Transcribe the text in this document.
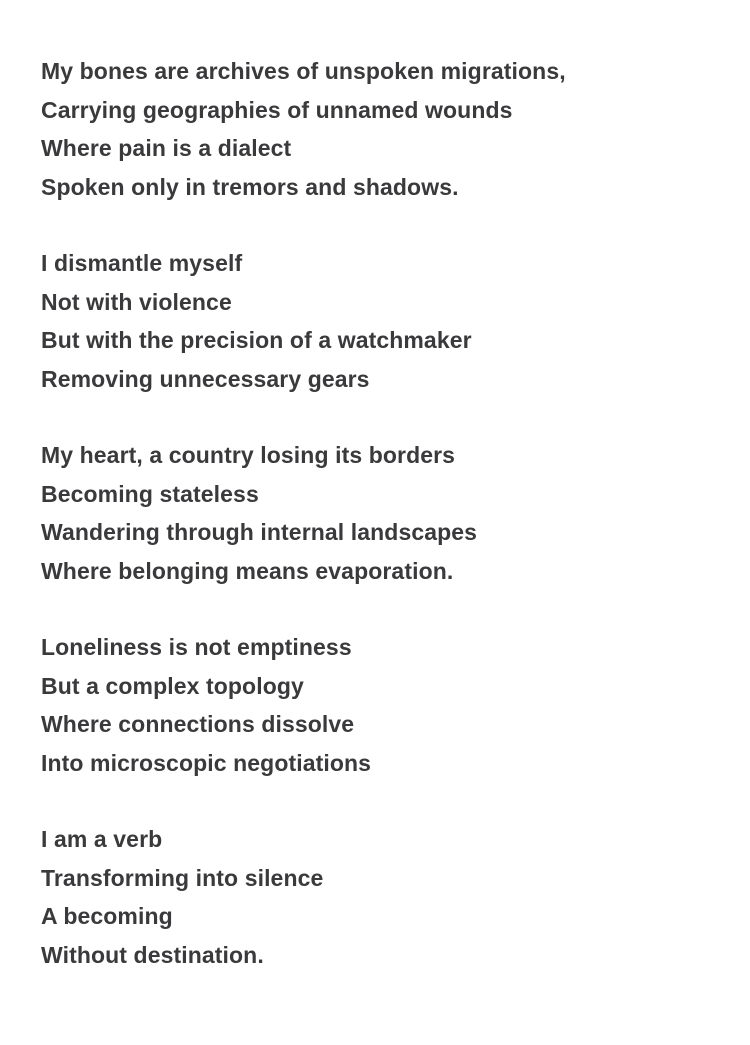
My bones are archives of unspoken migrations,
Carrying geographies of unnamed wounds
Where pain is a dialect
Spoken only in tremors and shadows.
I dismantle myself
Not with violence
But with the precision of a watchmaker
Removing unnecessary gears
My heart, a country losing its borders
Becoming stateless
Wandering through internal landscapes
Where belonging means evaporation.
Loneliness is not emptiness
But a complex topology
Where connections dissolve
Into microscopic negotiations
I am a verb
Transforming into silence
A becoming
Without destination.
